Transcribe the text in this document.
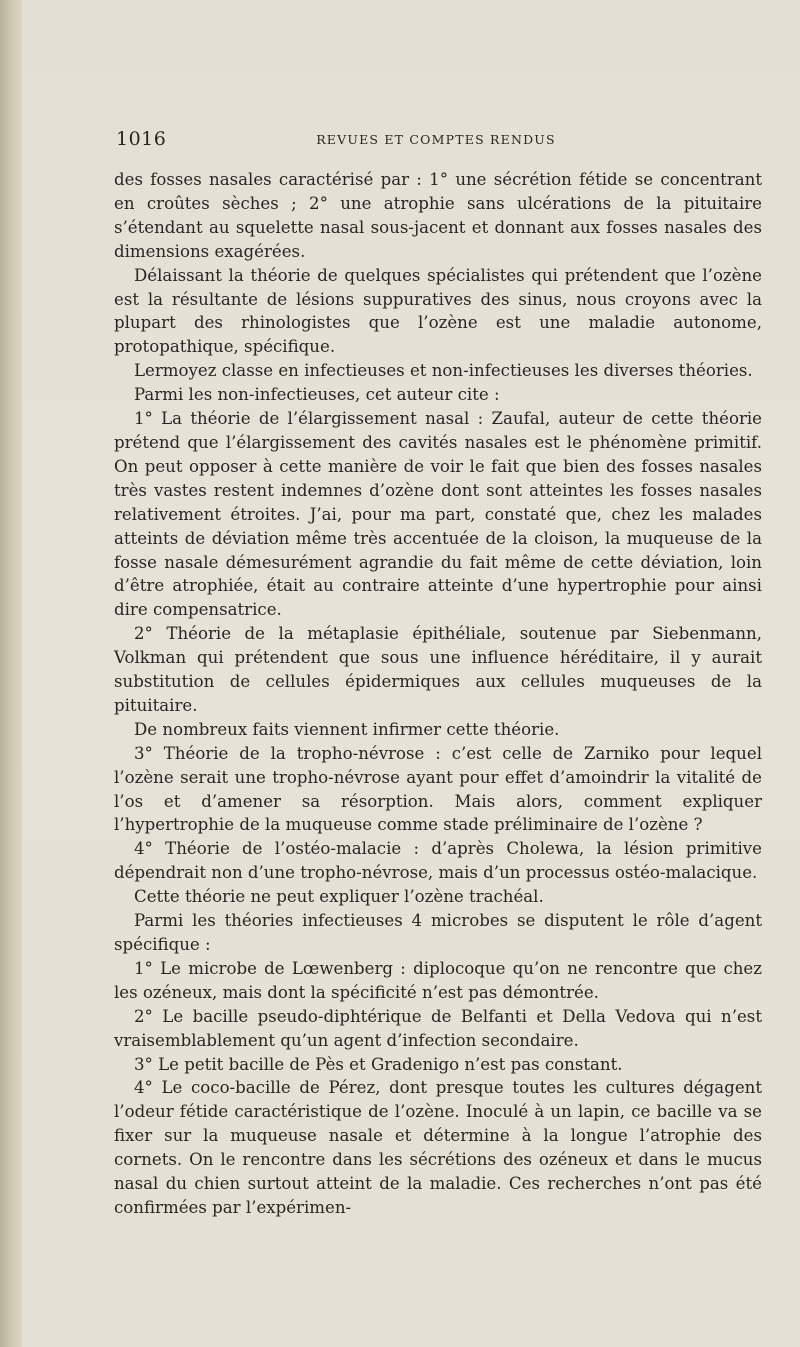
1016	REVUES ET COMPTES RENDUS

des fosses nasales caractérisé par : 1° une sécrétion fétide se concentrant en croûtes sèches ; 2° une atrophie sans ulcérations de la pituitaire s’étendant au squelette nasal sous-jacent et donnant aux fosses nasales des dimensions exagérées.

Délaissant la théorie de quelques spécialistes qui prétendent que l’ozène est la résultante de lésions suppuratives des sinus, nous croyons avec la plupart des rhinologistes que l’ozène est une maladie autonome, protopathique, spécifique.

Lermoyez classe en infectieuses et non-infectieuses les diverses théories.

Parmi les non-infectieuses, cet auteur cite :

1° La théorie de l’élargissement nasal : Zaufal, auteur de cette théorie prétend que l’élargissement des cavités nasales est le phénomène primitif. On peut opposer à cette manière de voir le fait que bien des fosses nasales très vastes restent indemnes d’ozène dont sont atteintes les fosses nasales relativement étroites. J’ai, pour ma part, constaté que, chez les malades atteints de déviation même très accentuée de la cloison, la muqueuse de la fosse nasale démesurément agrandie du fait même de cette déviation, loin d’être atrophiée, était au contraire atteinte d’une hypertrophie pour ainsi dire compensatrice.

2° Théorie de la métaplasie épithéliale, soutenue par Siebenmann, Volkman qui prétendent que sous une influence héréditaire, il y aurait substitution de cellules épidermiques aux cellules muqueuses de la pituitaire.

De nombreux faits viennent infirmer cette théorie.

3° Théorie de la tropho-névrose : c’est celle de Zarniko pour lequel l’ozène serait une tropho-névrose ayant pour effet d’amoindrir la vitalité de l’os et d’amener sa résorption. Mais alors, comment expliquer l’hypertrophie de la muqueuse comme stade préliminaire de l’ozène ?

4° Théorie de l’ostéo-malacie : d’après Cholewa, la lésion primitive dépendrait non d’une tropho-névrose, mais d’un processus ostéo-malacique.

Cette théorie ne peut expliquer l’ozène trachéal.

Parmi les théories infectieuses 4 microbes se disputent le rôle d’agent spécifique :

1° Le microbe de Lœwenberg : diplocoque qu’on ne rencontre que chez les ozéneux, mais dont la spécificité n’est pas démontrée.

2° Le bacille pseudo-diphtérique de Belfanti et Della Vedova qui n’est vraisemblablement qu’un agent d’infection secondaire.

3° Le petit bacille de Pès et Gradenigo n’est pas constant.

4° Le coco-bacille de Pérez, dont presque toutes les cultures dégagent l’odeur fétide caractéristique de l’ozène. Inoculé à un lapin, ce bacille va se fixer sur la muqueuse nasale et détermine à la longue l’atrophie des cornets. On le rencontre dans les sécrétions des ozéneux et dans le mucus nasal du chien surtout atteint de la maladie. Ces recherches n’ont pas été confirmées par l’expérimen-
